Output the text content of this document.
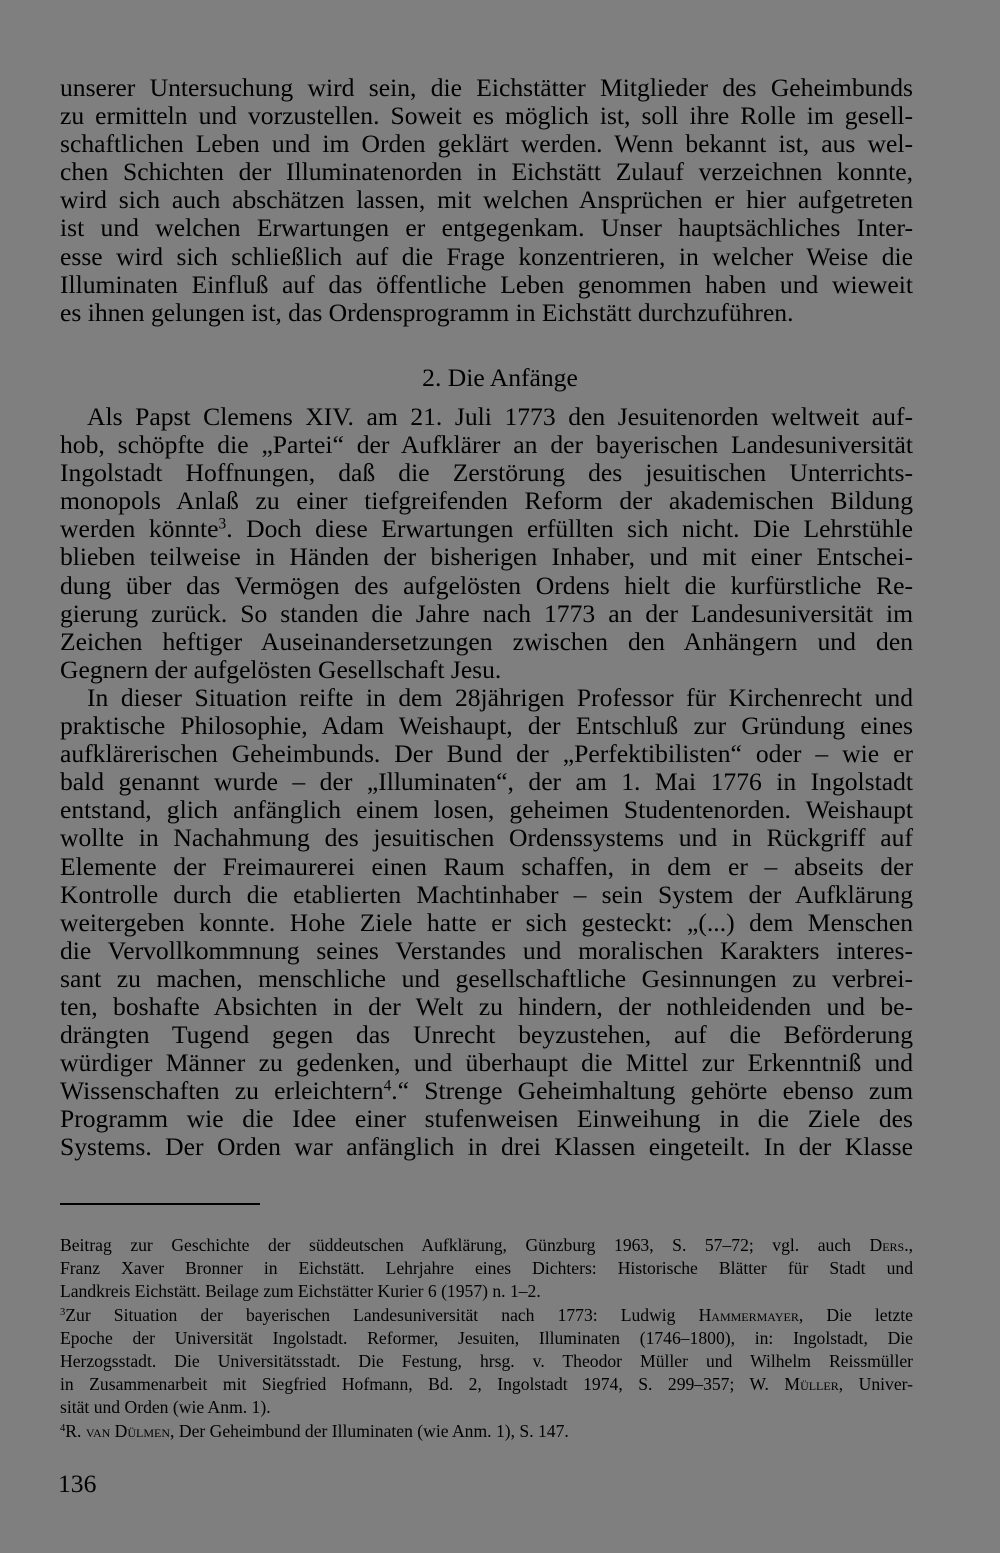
unserer Untersuchung wird sein, die Eichstätter Mitglieder des Geheimbunds
zu ermitteln und vorzustellen. Soweit es möglich ist, soll ihre Rolle im gesell-
schaftlichen Leben und im Orden geklärt werden. Wenn bekannt ist, aus wel-
chen Schichten der Illuminatenorden in Eichstätt Zulauf verzeichnen konnte,
wird sich auch abschätzen lassen, mit welchen Ansprüchen er hier aufgetreten
ist und welchen Erwartungen er entgegenkam. Unser hauptsächliches Inter-
esse wird sich schließlich auf die Frage konzentrieren, in welcher Weise die
Illuminaten Einfluß auf das öffentliche Leben genommen haben und wieweit
es ihnen gelungen ist, das Ordensprogramm in Eichstätt durchzuführen.
2. Die Anfänge
Als Papst Clemens XIV. am 21. Juli 1773 den Jesuitenorden weltweit auf-
hob, schöpfte die „Partei“ der Aufklärer an der bayerischen Landesuniversität
Ingolstadt Hoffnungen, daß die Zerstörung des jesuitischen Unterrichts-
monopols Anlaß zu einer tiefgreifenden Reform der akademischen Bildung
werden könnte$^3$. Doch diese Erwartungen erfüllten sich nicht. Die Lehrstühle
blieben teilweise in Händen der bisherigen Inhaber, und mit einer Entschei-
dung über das Vermögen des aufgelösten Ordens hielt die kurfürstliche Re-
gierung zurück. So standen die Jahre nach 1773 an der Landesuniversität im
Zeichen heftiger Auseinandersetzungen zwischen den Anhängern und den
Gegnern der aufgelösten Gesellschaft Jesu.
In dieser Situation reifte in dem 28jährigen Professor für Kirchenrecht und
praktische Philosophie, Adam Weishaupt, der Entschluß zur Gründung eines
aufklärerischen Geheimbunds. Der Bund der „Perfektibilisten“ oder – wie er
bald genannt wurde – der „Illuminaten“, der am 1. Mai 1776 in Ingolstadt
entstand, glich anfänglich einem losen, geheimen Studentenorden. Weishaupt
wollte in Nachahmung des jesuitischen Ordenssystems und in Rückgriff auf
Elemente der Freimaurerei einen Raum schaffen, in dem er – abseits der
Kontrolle durch die etablierten Machtinhaber – sein System der Aufklärung
weitergeben konnte. Hohe Ziele hatte er sich gesteckt: „(...) dem Menschen
die Vervollkommnung seines Verstandes und moralischen Karakters interes-
sant zu machen, menschliche und gesellschaftliche Gesinnungen zu verbrei-
ten, boshafte Absichten in der Welt zu hindern, der nothleidenden und be-
drängten Tugend gegen das Unrecht beyzustehen, auf die Beförderung
würdiger Männer zu gedenken, und überhaupt die Mittel zur Erkenntniß und
Wissenschaften zu erleichtern$^4$.“ Strenge Geheimhaltung gehörte ebenso zum
Programm wie die Idee einer stufenweisen Einweihung in die Ziele des
Systems. Der Orden war anfänglich in drei Klassen eingeteilt. In der Klasse
Beitrag zur Geschichte der süddeutschen Aufklärung, Günzburg 1963, S. 57–72; vgl. auch Ders.,
Franz Xaver Bronner in Eichstätt. Lehrjahre eines Dichters: Historische Blätter für Stadt und
Landkreis Eichstätt. Beilage zum Eichstätter Kurier 6 (1957) n. 1–2.
$^3$Zur Situation der bayerischen Landesuniversität nach 1773: Ludwig Hammermayer, Die letzte
Epoche der Universität Ingolstadt. Reformer, Jesuiten, Illuminaten (1746–1800), in: Ingolstadt, Die
Herzogsstadt. Die Universitätsstadt. Die Festung, hrsg. v. Theodor Müller und Wilhelm Reissmüller
in Zusammenarbeit mit Siegfried Hofmann, Bd. 2, Ingolstadt 1974, S. 299–357; W. Müller, Univer-
sität und Orden (wie Anm. 1).
$^4$R. van Dülmen, Der Geheimbund der Illuminaten (wie Anm. 1), S. 147.
136
